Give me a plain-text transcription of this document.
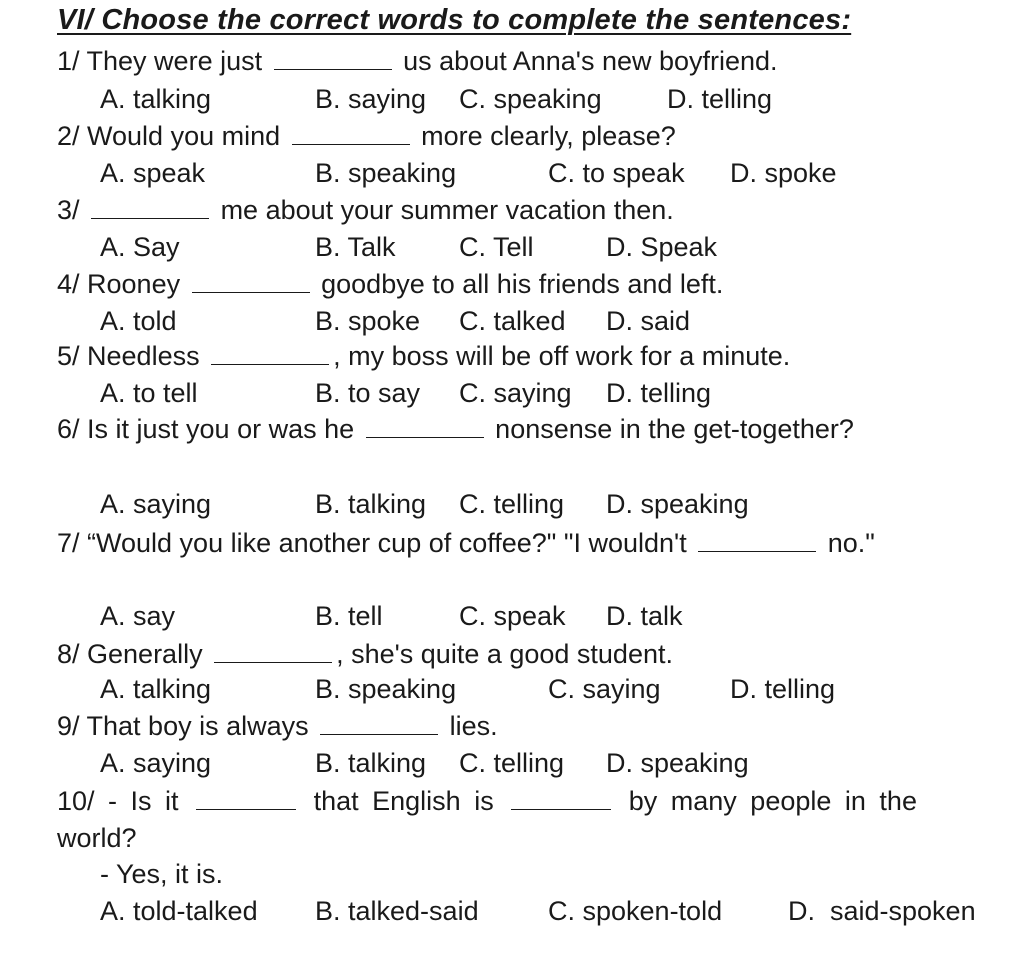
VI/ Choose the correct words to complete the sentences:
1/ They were just	us about Anna's new boyfriend.
A. talking	B. saying C. speaking D. telling
2/ Would you mind	more clearly, please?
A. speak	B. speaking	C. to speak D. spoke
3/	me about your summer vacation then.
A. Say	B. Talk C. Tell	D. Speak
4/ Rooney	goodbye to all his friends and left.
A. told	B. spoke C. talked D. said
5/ Needless	, my boss will be off work for a minute.
A. to tell	B. to say C. saying D. telling
6/ Is it just you or was he	nonsense in the get-together?
A. saying	B. talking C. telling D. speaking
7/ “Would you like another cup of coffee?" "I wouldn't	no."
A. say	B. tell	C. speak D. talk
8/ Generally	, she's quite a good student.
A. talking	B. speaking	C. saying	D. telling
9/ That boy is always	lies.
A. saying	B. talking C. telling D. speaking
10/ - Is it	that English is	by many people in the world?
- Yes, it is.
A. told-talked B. talked-said	C. spoken-told D.  said-spoken
